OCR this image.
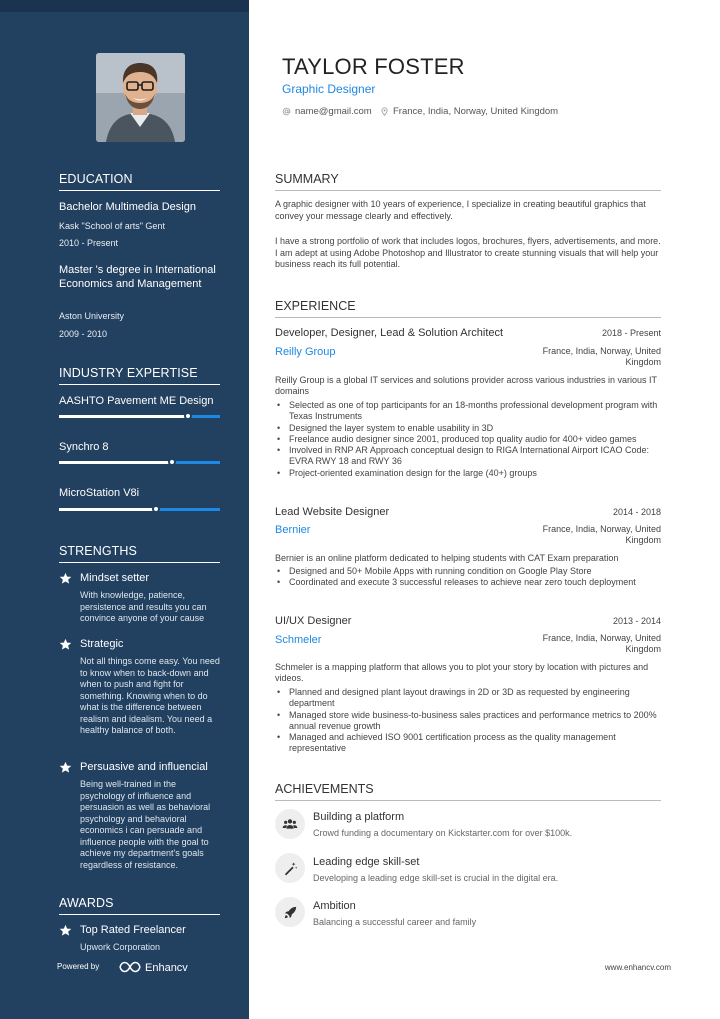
EDUCATION
Bachelor Multimedia Design
Kask "School of arts" Gent
2010 - Present
Master 's degree in International Economics and Management
Aston University
2009 - 2010
INDUSTRY EXPERTISE
AASHTO Pavement ME Design
Synchro 8
MicroStation V8i
STRENGTHS
Mindset setter
With knowledge, patience, persistence and results you can convince anyone of your cause
Strategic
Not all things come easy. You need to know when to back-down and when to push and fight for something. Knowing when to do what is the difference between realism and idealism. You need a healthy balance of both.
Persuasive and influencial
Being well-trained in the psychology of influence and persuasion as well as behavioral psychology and behavioral economics i can persuade and influence people with the goal to achieve my department's goals regardless of resistance.
AWARDS
Top Rated Freelancer
Upwork Corporation
Powered by	Enhancv
TAYLOR FOSTER
Graphic Designer
name@gmail.com France, India, Norway, United Kingdom
SUMMARY
A graphic designer with 10 years of experience, I specialize in creating beautiful graphics that convey your message clearly and effectively.
I have a strong portfolio of work that includes logos, brochures, flyers, advertisements, and more. I am adept at using Adobe Photoshop and Illustrator to create stunning visuals that will help your business reach its full potential.
EXPERIENCE
Developer, Designer, Lead & Solution Architect	2018 - Present
Reilly Group	France, India, Norway, United Kingdom
Reilly Group is a global IT services and solutions provider across various industries in various IT domains
• Selected as one of top participants for an 18-months professional development program with Texas Instruments
• Designed the layer system to enable usability in 3D
• Freelance audio designer since 2001, produced top quality audio for 400+ video games
• Involved in RNP AR Approach conceptual design to RIGA International Airport ICAO Code: EVRA RWY 18 and RWY 36
• Project-oriented examination design for the large (40+) groups
Lead Website Designer	2014 - 2018
Bernier	France, India, Norway, United Kingdom
Bernier is an online platform dedicated to helping students with CAT Exam preparation
• Designed and 50+ Mobile Apps with running condition on Google Play Store
• Coordinated and execute 3 successful releases to achieve near zero touch deployment
UI/UX Designer	2013 - 2014
Schmeler	France, India, Norway, United Kingdom
Schmeler is a mapping platform that allows you to plot your story by location with pictures and videos.
• Planned and designed plant layout drawings in 2D or 3D as requested by engineering department
• Managed store wide business-to-business sales practices and performance metrics to 200% annual revenue growth
• Managed and achieved ISO 9001 certification process as the quality management representative
ACHIEVEMENTS
Building a platform
Crowd funding a documentary on Kickstarter.com for over $100k.
Leading edge skill-set
Developing a leading edge skill-set is crucial in the digital era.
Ambition
Balancing a successful career and family
www.enhancv.com
